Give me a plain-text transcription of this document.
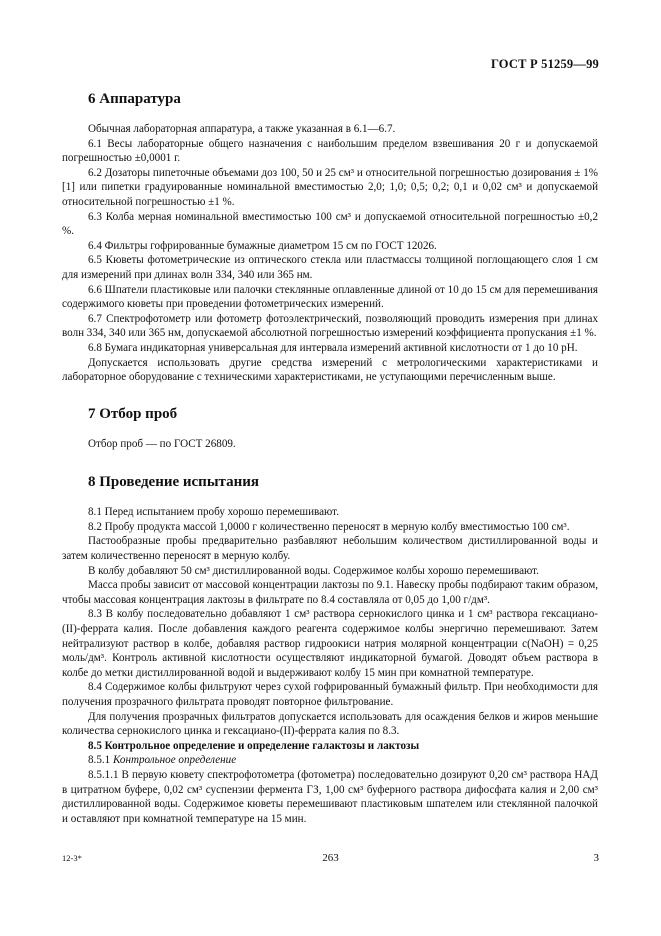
ГОСТ Р 51259—99
6 Аппаратура

Обычная лабораторная аппаратура, а также указанная в 6.1—6.7.

6.1 Весы лабораторные общего назначения с наибольшим пределом взвешивания 20 г и допускаемой погрешностью ±0,0001 г.

6.2 Дозаторы пипеточные объемами доз 100, 50 и 25 см³ и относительной погрешностью дозирования ± 1% [1] или пипетки градуированные номинальной вместимостью 2,0; 1,0; 0,5; 0,2; 0,1 и 0,02 см³ и допускаемой относительной погрешностью ±1 %.

6.3 Колба мерная номинальной вместимостью 100 см³ и допускаемой относительной погрешностью ±0,2 %.

6.4 Фильтры гофрированные бумажные диаметром 15 см по ГОСТ 12026.

6.5 Кюветы фотометрические из оптического стекла или пластмассы толщиной поглощающего слоя 1 см для измерений при длинах волн 334, 340 или 365 нм.

6.6 Шпатели пластиковые или палочки стеклянные оплавленные длиной от 10 до 15 см для перемешивания содержимого кюветы при проведении фотометрических измерений.

6.7 Спектрофотометр или фотометр фотоэлектрический, позволяющий проводить измерения при длинах волн 334, 340 или 365 нм, допускаемой абсолютной погрешностью измерений коэффициента пропускания ±1 %.

6.8 Бумага индикаторная универсальная для интервала измерений активной кислотности от 1 до 10 pH.

Допускается использовать другие средства измерений с метрологическими характеристиками и лабораторное оборудование с техническими характеристиками, не уступающими перечисленным выше.

7 Отбор проб

Отбор проб — по ГОСТ 26809.

8 Проведение испытания

8.1 Перед испытанием пробу хорошо перемешивают.

8.2 Пробу продукта массой 1,0000 г количественно переносят в мерную колбу вместимостью 100 см³.

Пастообразные пробы предварительно разбавляют небольшим количеством дистиллированной воды и затем количественно переносят в мерную колбу.

В колбу добавляют 50 см³ дистиллированной воды. Содержимое колбы хорошо перемешивают.

Масса пробы зависит от массовой концентрации лактозы по 9.1. Навеску пробы подбирают таким образом, чтобы массовая концентрация лактозы в фильтрате по 8.4 составляла от 0,05 до 1,00 г/дм³.

8.3 В колбу последовательно добавляют 1 см³ раствора сернокислого цинка и 1 см³ раствора гексациано-(II)-феррата калия. После добавления каждого реагента содержимое колбы энергично перемешивают. Затем нейтрализуют раствор в колбе, добавляя раствор гидроокиси натрия молярной концентрации c(NaOH) = 0,25 моль/дм³. Контроль активной кислотности осуществляют индикаторной бумагой. Доводят объем раствора в колбе до метки дистиллированной водой и выдерживают колбу 15 мин при комнатной температуре.

8.4 Содержимое колбы фильтруют через сухой гофрированный бумажный фильтр. При необходимости для получения прозрачного фильтрата проводят повторное фильтрование.

Для получения прозрачных фильтратов допускается использовать для осаждения белков и жиров меньшие количества сернокислого цинка и гексациано-(II)-феррата калия по 8.3.

8.5 Контрольное определение и определение галактозы и лактозы

8.5.1 Контрольное определение

8.5.1.1 В первую кювету спектрофотометра (фотометра) последовательно дозируют 0,20 см³ раствора НАД в цитратном буфере, 0,02 см³ суспензии фермента ГЗ, 1,00 см³ буферного раствора дифосфата калия и 2,00 см³ дистиллированной воды. Содержимое кюветы перемешивают пластиковым шпателем или стеклянной палочкой и оставляют при комнатной температуре на 15 мин.

12-3*	263	3
